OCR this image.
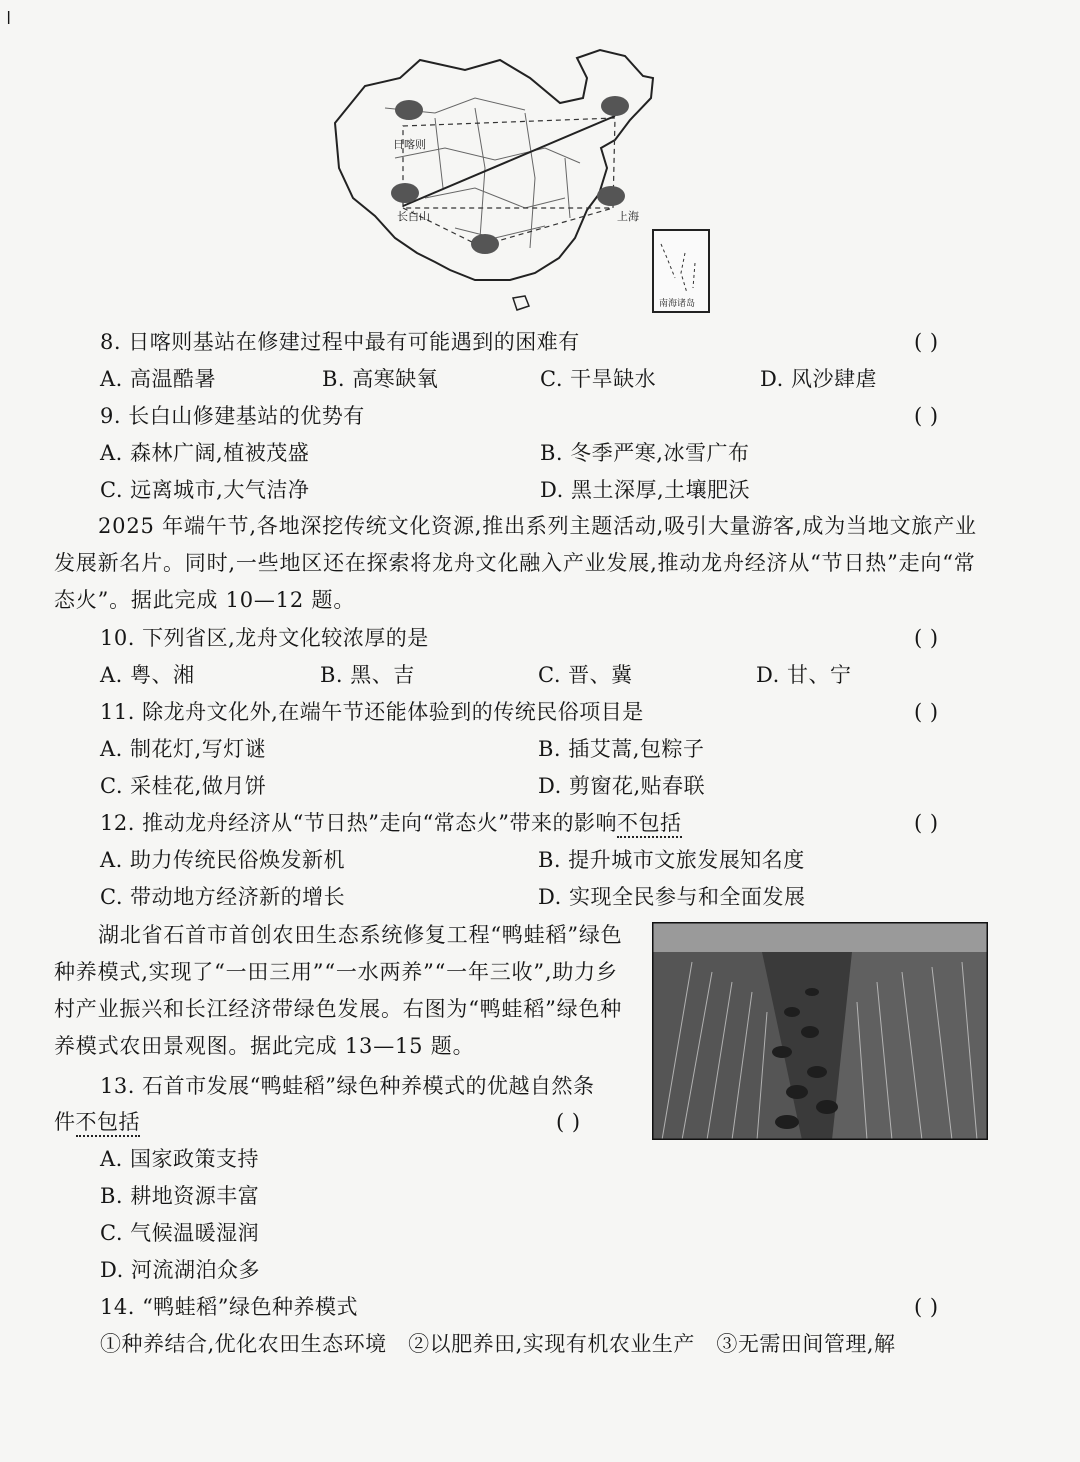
ǀ
日喀则
长白山	上海
南海诸岛
8. 日喀则基站在修建过程中最有可能遇到的困难有	( )
A. 高温酷暑	B. 高寒缺氧	C. 干旱缺水	D. 风沙肆虐
9. 长白山修建基站的优势有	( )
A. 森林广阔,植被茂盛	B. 冬季严寒,冰雪广布
C. 远离城市,大气洁净	D. 黑土深厚,土壤肥沃

2025 年端午节,各地深挖传统文化资源,推出系列主题活动,吸引大量游客,成为当地文旅产业发展新名片。同时,一些地区还在探索将龙舟文化融入产业发展,推动龙舟经济从“节日热”走向“常态火”。据此完成 10—12 题。

10. 下列省区,龙舟文化较浓厚的是	( )
A. 粤、湘	B. 黑、吉	C. 晋、冀	D. 甘、宁
11. 除龙舟文化外,在端午节还能体验到的传统民俗项目是	( )
A. 制花灯,写灯谜	B. 插艾蒿,包粽子
C. 采桂花,做月饼	D. 剪窗花,贴春联
12. 推动龙舟经济从“节日热”走向“常态火”带来的影响不包括	( )
A. 助力传统民俗焕发新机	B. 提升城市文旅发展知名度
C. 带动地方经济新的增长	D. 实现全民参与和全面发展

湖北省石首市首创农田生态系统修复工程“鸭蛙稻”绿色种养模式,实现了“一田三用”“一水两养”“一年三收”,助力乡村产业振兴和长江经济带绿色发展。右图为“鸭蛙稻”绿色种养模式农田景观图。据此完成 13—15 题。

13. 石首市发展“鸭蛙稻”绿色种养模式的优越自然条
件不包括	( )
A. 国家政策支持
B. 耕地资源丰富
C. 气候温暖湿润
D. 河流湖泊众多
14. “鸭蛙稻”绿色种养模式	( )
①种养结合,优化农田生态环境　②以肥养田,实现有机农业生产　③无需田间管理,解
